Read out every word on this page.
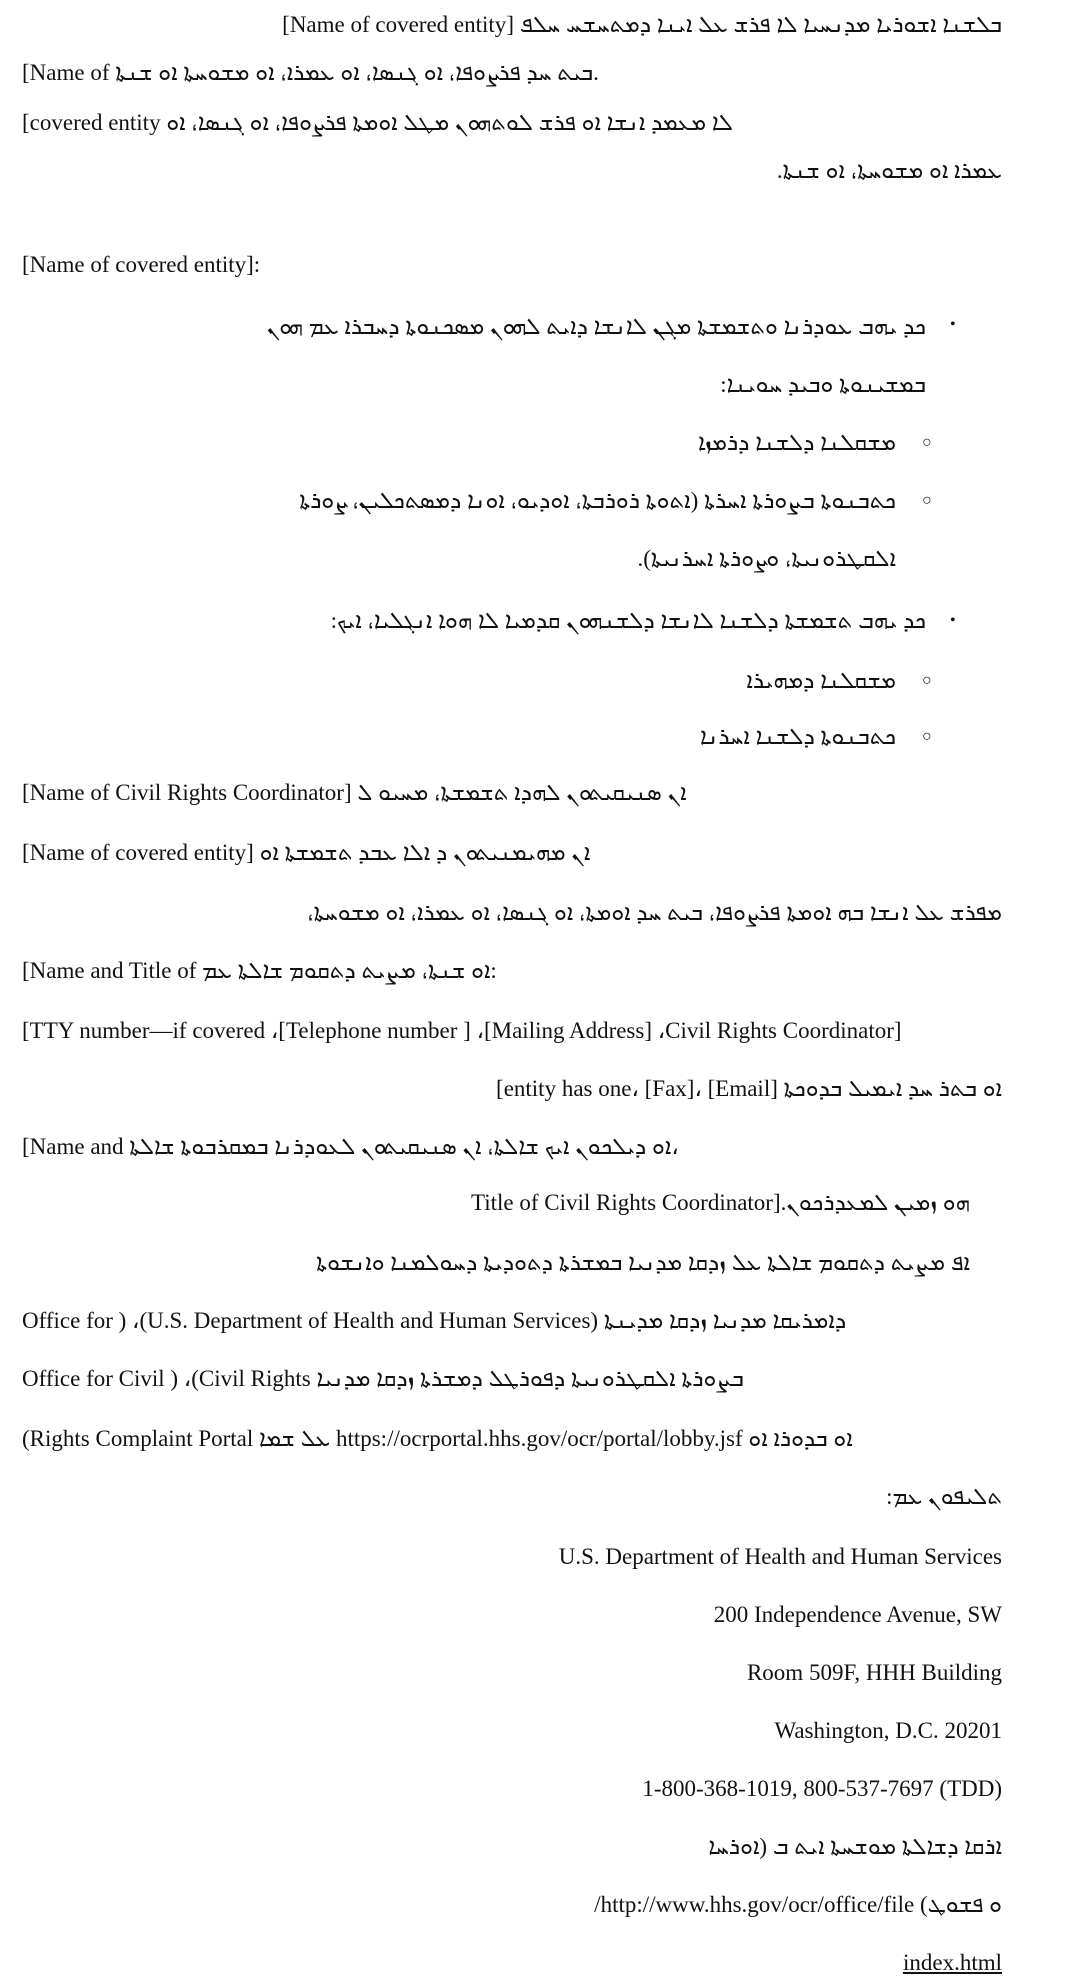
ܒܠܫܢܐ ܐܫܘܪܝܐ ܡܕܢܚܝܐ ܠܐ ܦܪܫ ܥܠ ܐܝܢܐ ܕܡܬܚܫܚ ܚܠܦ [Name of covered entity]
[Name of ܒܝܬ ܚܕ ܦܪܨܘܦܐ، ܐܘ ܓܢܣܐ، ܐܘ ܥܡܪܐ، ܐܘ ܡܫܘܚܬܐ ܐܘ ܫܢܬܐ.
[covered entity ܠܐ ܡܥܡܕ ܐܢܫܐ ܐܘ ܦܪܫ ܠܘܬܗܘܢ ܡܛܠ ܐܘܡܬܐ ܦܪܨܘܦܐ، ܐܘ ܓܢܣܐ، ܐܘ
ܥܡܪܐ ܐܘ ܡܫܘܚܬܐ، ܐܘ ܫܢܬܐ.
[Name of covered entity]:
•
ܟܕ ܝܗܒ ܥܘܕܪܢܐ ܘܬܫܡܫܬܐ ܡܓܢ ܠܐܢܫܐ ܕܐܝܬ ܠܗܘܢ ܡܣܟܢܘܬܐ ܕܚܒܪܐ ܥܡ ܗܘܢ
ܒܡܫܝܢܘܬܐ ܘܒܝܕ ܚܘܝܢܐ:
○
ܡܫܩܠܢܐ ܕܠܫܢܐ ܕܪܡܙܐ
○
ܟܬܒܢܘܬܐ ܒܨܘܪܬܐ ܐܚܪܬܐ (ܐܬܘܬܐ ܪܘܪܒܬܐ، ܐܘܕܝܘ، ܐܘܢܐ ܕܡܣܬܟܠܝܢ، ܨܘܪܬܐ
ܐܠܩܛܪܘܢܝܬܐ، ܘܨܘܪܬܐ ܐܚܪܢܝܬܐ).
•
ܟܕ ܝܗܒ ܬܫܡܫܬܐ ܕܠܫܢܐ ܠܐܢܫܐ ܕܠܫܢܗܘܢ ܩܕܡܝܐ ܠܐ ܗܘܐ ܐܢܓܠܝܐ، ܐܝܟ:
○
ܡܫܩܠܢܐ ܕܡܗܝܪܐ
○
ܟܬܒܢܘܬܐ ܕܠܫܢܐ ܐܚܪܢܐ
[Name of Civil Rights Coordinator] ܐܢ ܣܢܝܩܝܬܘܢ ܠܗܕܐ ܬܫܡܫܬܐ، ܡܚܝܘ ܠ
[Name of covered entity] ܐܢ ܡܗܝܡܢܝܬܘܢ ܕ ܐܠܐ ܥܒܕ ܬܫܡܫܬܐ ܐܘ
ܡܦܪܫ ܥܠ ܐܢܫܐ ܒܗ ܐܘܡܬܐ ܦܪܨܘܦܐ، ܒܝܬ ܚܕ ܐܘܡܬܐ، ܐܘ ܓܢܣܐ، ܐܘ ܥܡܪܐ، ܐܘ ܡܫܘܚܬܐ،
[Name and Title of ܐܘ ܫܢܬܐ، ܡܨܝܬ ܕܬܩܘܡ ܫܐܠܬܐ ܥܡ:
[TTY number—if covered ،[Telephone number ] ،[Mailing Address] ،Civil Rights Coordinator]
ܐܘ ܒܬܪ ܚܕ ܐܝܡܝܠ ܒܕܘܟܬܐ [Email] ،[Fax] ،entity has one]
[Name and ܐܘ ܕܝܠܟܘܢ ܐܝܟ ܫܐܠܬܐ، ܐܢ ܣܢܝܩܝܬܘܢ ܠܥܘܕܪܢܐ ܒܡܩܪܒܘܬܐ ܫܐܠܬܐ،
ܗܘ ܙܡܝܢ ܠܡܥܕܪܟܘܢ.[Title of Civil Rights Coordinator
ܐܦ ܡܨܝܬ ܕܬܩܘܡ ܫܐܠܬܐ ܥܠ ܙܕܩܐ ܡܕܢܝܐ ܒܡܫܪܬܐ ܕܬܘܕܝܬܐ ܕܚܘܠܡܢܐ ܘܐܢܫܘܬܐ
Office for ) ،(U.S. Department of Health and Human Services) ܕܐܡܪܝܩܐ ܡܕܢܝܐ ܙܕܩܐ ܡܕܝܢܬܐ
Office for Civil ) ،(Civil Rights ܒܨܘܪܬܐ ܐܠܩܛܪܘܢܝܬܐ ܕܦܘܪܛܠ ܕܡܫܪܬܐ ܙܕܩܐ ܡܕܢܝܐ
(Rights Complaint Portal ܥܠ ܫܡܐ https://ocrportal.hhs.gov/ocr/portal/lobby.jsf ܐܘ ܒܕܘܪܐ ܐܘ
ܬܠܝܦܘܢ ܥܡ:
U.S. Department of Health and Human Services
200 Independence Avenue, SW
Room 509F, HHH Building
Washington, D.C. 20201
1-800-368-1019, 800-537-7697 (TDD)
ܐܪܩܐ ܕܫܐܠܬܐ ܡܘܫܚܬܐ ܐܝܬ ܒ (ܐܘܪܚܐ
ܘ ܦܫܘܛ) http://www.hhs.gov/ocr/office/file/
index.html
